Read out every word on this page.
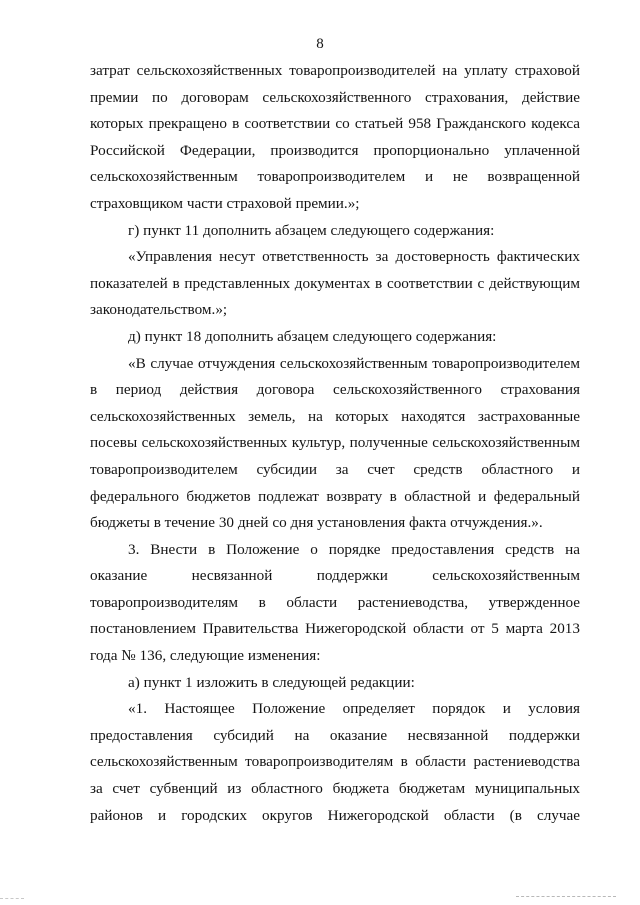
8

затрат сельскохозяйственных товаропроизводителей на уплату страховой премии по договорам сельскохозяйственного страхования, действие которых прекращено в соответствии со статьей 958 Гражданского кодекса Российской Федерации, производится пропорционально уплаченной сельскохозяйственным товаропроизводителем и не возвращенной страховщиком части страховой премии.»;

г) пункт 11 дополнить абзацем следующего содержания:

«Управления несут ответственность за достоверность фактических показателей в представленных документах в соответствии с действующим законодательством.»;

д) пункт 18 дополнить абзацем следующего содержания:

«В случае отчуждения сельскохозяйственным товаропроизводителем в период действия договора сельскохозяйственного страхования сельскохозяйственных земель, на которых находятся застрахованные посевы сельскохозяйственных культур, полученные сельскохозяйственным товаропроизводителем субсидии за счет средств областного и федерального бюджетов подлежат возврату в областной и федеральный бюджеты в течение 30 дней со дня установления факта отчуждения.».

3. Внести в Положение о порядке предоставления средств на оказание несвязанной поддержки сельскохозяйственным товаропроизводителям в области растениеводства, утвержденное постановлением Правительства Нижегородской области от 5 марта 2013 года № 136, следующие изменения:

а) пункт 1 изложить в следующей редакции:

«1. Настоящее Положение определяет порядок и условия предоставления субсидий на оказание несвязанной поддержки сельскохозяйственным товаропроизводителям в области растениеводства за счет субвенций из областного бюджета бюджетам муниципальных районов и городских округов Нижегородской области (в случае
